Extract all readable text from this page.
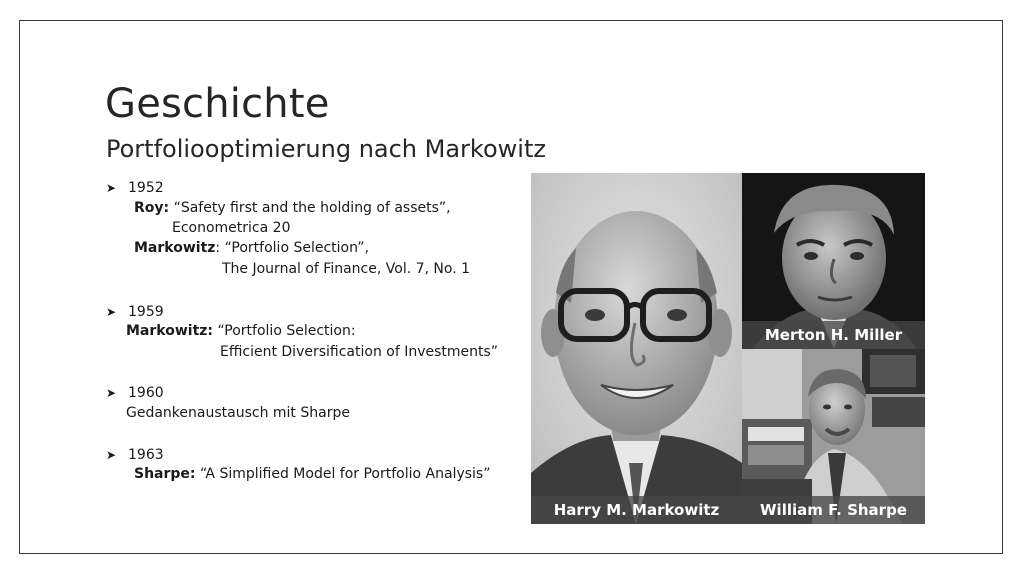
Geschichte
Portfoliooptimierung nach Markowitz
➤ 1952
Roy: “Safety first and the holding of assets”,
Econometrica 20
Markowitz: “Portfolio Selection”,
The Journal of Finance, Vol. 7, No. 1
➤ 1959
Markowitz: “Portfolio Selection:
Efficient Diversification of Investments”
➤ 1960
Gedankenaustausch mit Sharpe
➤ 1963
Sharpe: “A Simplified Model for Portfolio Analysis”
Harry M. Markowitz
Merton H. Miller
William F. Sharpe
